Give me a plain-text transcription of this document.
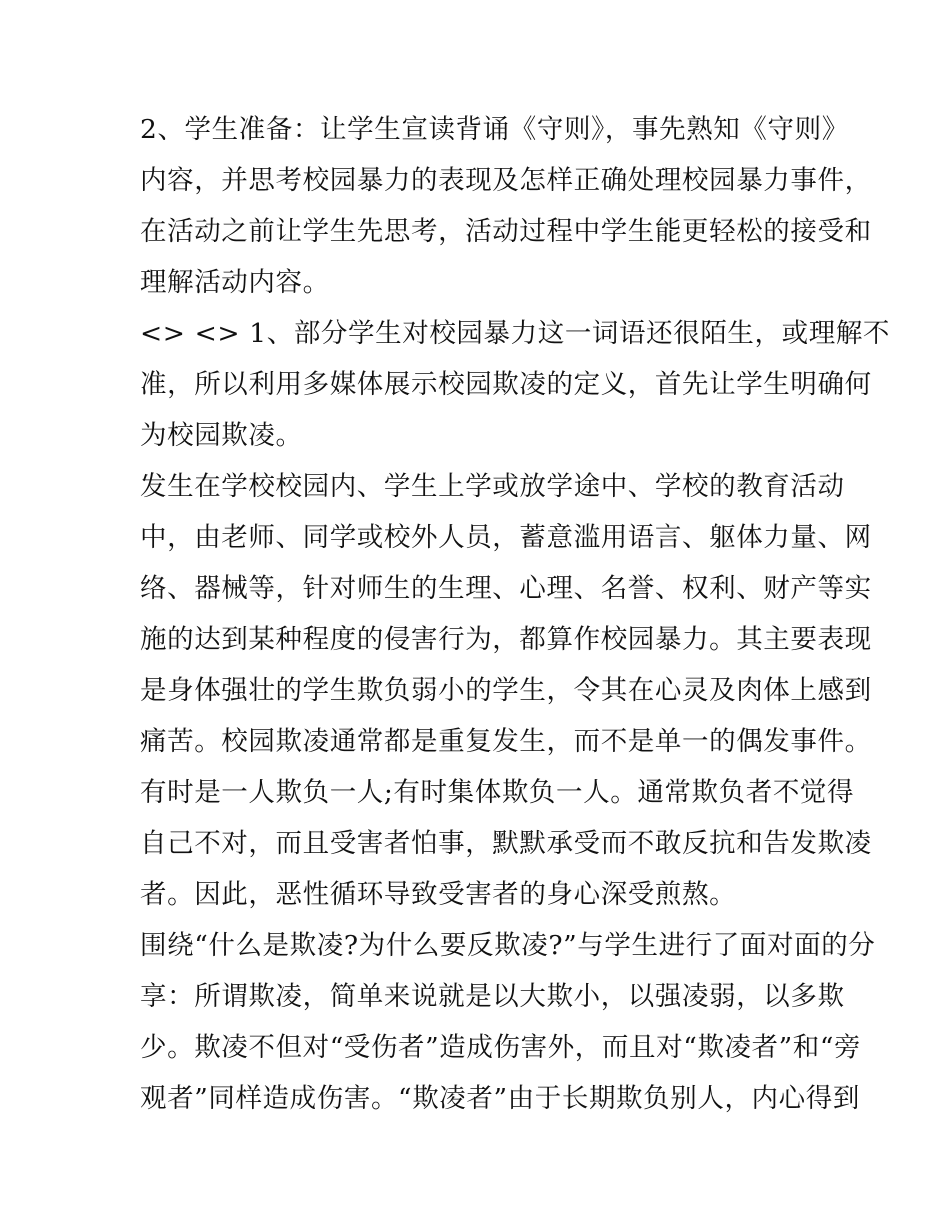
2、学生准备：让学生宣读背诵《守则》，事先熟知《守则》
内容，并思考校园暴力的表现及怎样正确处理校园暴力事件，
在活动之前让学生先思考，活动过程中学生能更轻松的接受和
理解活动内容。
<> <> 1、部分学生对校园暴力这一词语还很陌生，或理解不
准，所以利用多媒体展示校园欺凌的定义，首先让学生明确何
为校园欺凌。
发生在学校校园内、学生上学或放学途中、学校的教育活动
中，由老师、同学或校外人员，蓄意滥用语言、躯体力量、网
络、器械等，针对师生的生理、心理、名誉、权利、财产等实
施的达到某种程度的侵害行为，都算作校园暴力。其主要表现
是身体强壮的学生欺负弱小的学生，令其在心灵及肉体上感到
痛苦。校园欺凌通常都是重复发生，而不是单一的偶发事件。
有时是一人欺负一人;有时集体欺负一人。通常欺负者不觉得
自己不对，而且受害者怕事，默默承受而不敢反抗和告发欺凌
者。因此，恶性循环导致受害者的身心深受煎熬。
围绕“什么是欺凌?为什么要反欺凌?”与学生进行了面对面的分
享：所谓欺凌，简单来说就是以大欺小，以强凌弱，以多欺
少。欺凌不但对“受伤者”造成伤害外，而且对“欺凌者”和“旁
观者”同样造成伤害。“欺凌者”由于长期欺负别人，内心得到
